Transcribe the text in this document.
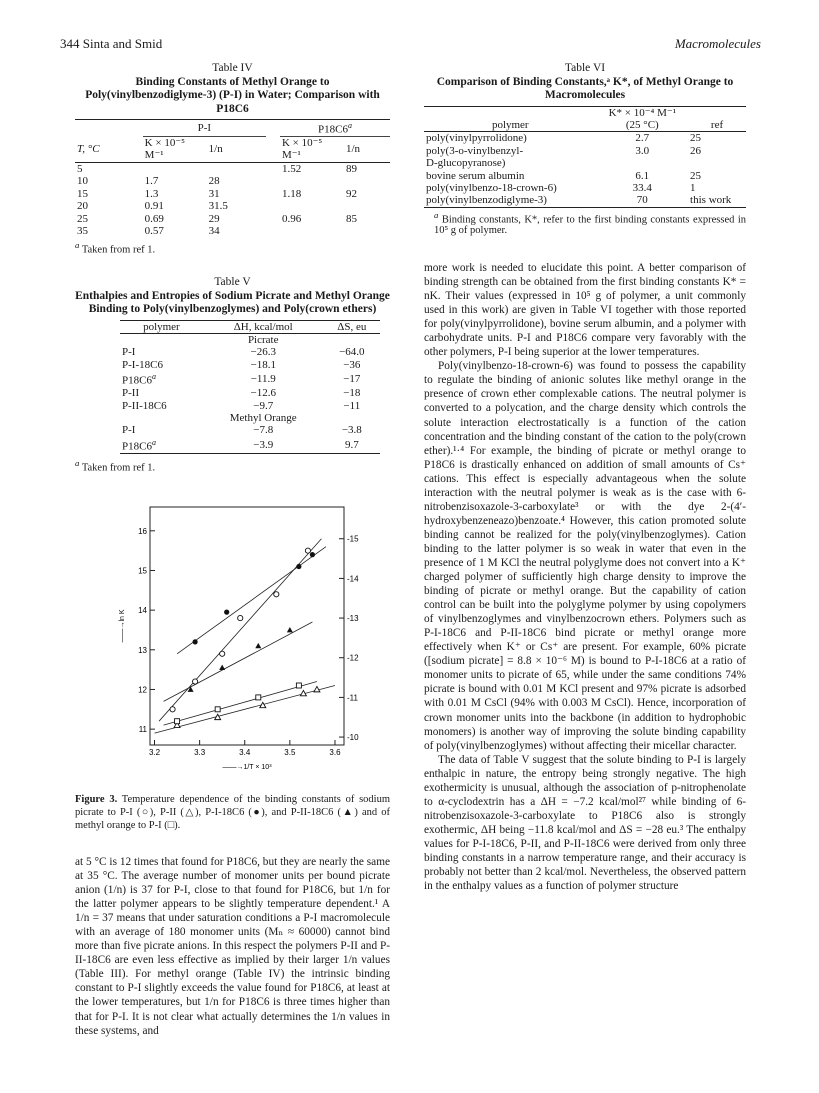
344 Sinta and Smid	Macromolecules
Table IV
Binding Constants of Methyl Orange to Poly(vinylbenzodiglyme-3) (P-I) in Water; Comparison with P18C6
	P-I			P18C6$^a$
T, °C	K × 10⁻⁵ M⁻¹	1/n		K × 10⁻⁵ M⁻¹	1/n
5				1.52	89
10	1.7	28			
15	1.3	31		1.18	92
20	0.91	31.5			
25	0.69	29		0.96	85
35	0.57	34			
$^a$ Taken from ref 1.
Table V
Enthalpies and Entropies of Sodium Picrate and Methyl Orange Binding to Poly(vinylbenzoglymes) and Poly(crown ethers)
polymer	ΔH, kcal/mol	ΔS, eu
	Picrate	
P-I	−26.3	−64.0
P-I-18C6	−18.1	−36
$P18C6^a$	−11.9	−17
P-II	−12.6	−18
P-II-18C6	−9.7	−11
	Methyl Orange	
P-I	−7.8	−3.8
$P18C6^a$	−3.9	9.7

$^a$ Taken from ref 1.
3.2	3.3	3.4	3.5	3.6
11
12
13
14
15
16
-10
-11
-12
-13
-14
-15
——→1/T × 10³
——→ln K
Figure 3. Temperature dependence of the binding constants of sodium picrate to P-I (○), P-II (△), P-I-18C6 (●), and P-II-18C6 (▲) and of methyl orange to P-I (□).

at 5 °C is 12 times that found for P18C6, but they are nearly the same at 35 °C. The average number of monomer units per bound picrate anion (1/n) is 37 for P-I, close to that found for P18C6, but 1/n for the latter polymer appears to be slightly temperature dependent.¹ A 1/n = 37 means that under saturation conditions a P-I macromolecule with an average of 180 monomer units (Mₙ ≈ 60000) cannot bind more than five picrate anions. In this respect the polymers P-II and P-II-18C6 are even less effective as implied by their larger 1/n values (Table III). For methyl orange (Table IV) the intrinsic binding constant to P-I slightly exceeds the value found for P18C6, at least at the lower temperatures, but 1/n for P18C6 is three times higher than that for P-I. It is not clear what actually determines the 1/n values in these systems, and

Table VI
Comparison of Binding Constants,ᵃ K*, of Methyl Orange to Macromolecules
	K* × 10⁻⁴ M⁻¹	
polymer	(25 °C)	ref
poly(vinylpyrrolidone)	2.7	25
poly(3-o-vinylbenzyl-	3.0	26
D-glucopyranose)		
bovine serum albumin	6.1	25
poly(vinylbenzo-18-crown-6)	33.4	1
poly(vinylbenzodiglyme-3)	70	this work

$^a$ Binding constants, K*, refer to the first binding constants expressed in 10⁵ g of polymer.

more work is needed to elucidate this point. A better comparison of binding strength can be obtained from the first binding constants K* = nK. Their values (expressed in 10⁵ g of polymer, a unit commonly used in this work) are given in Table VI together with those reported for poly(vinylpyrrolidone), bovine serum albumin, and a polymer with carbohydrate units. P-I and P18C6 compare very favorably with the other polymers, P-I being superior at the lower temperatures.

Poly(vinylbenzo-18-crown-6) was found to possess the capability to regulate the binding of anionic solutes like methyl orange in the presence of crown ether complexable cations. The neutral polymer is converted to a polycation, and the charge density which controls the solute interaction electrostatically is a function of the cation concentration and the binding constant of the cation to the poly(crown ether).¹·⁴ For example, the binding of picrate or methyl orange to P18C6 is drastically enhanced on addition of small amounts of Cs⁺ cations. This effect is especially advantageous when the solute interaction with the neutral polymer is weak as is the case with 6-nitrobenzisoxazole-3-carboxylate³ or with the dye 2-(4′-hydroxybenzeneazo)benzoate.⁴ However, this cation promoted solute binding cannot be realized for the poly(vinylbenzoglymes). Cation binding to the latter polymer is so weak in water that even in the presence of 1 M KCl the neutral polyglyme does not convert into a K⁺ charged polymer of sufficiently high charge density to improve the binding of picrate or methyl orange. But the capability of cation control can be built into the polyglyme polymer by using copolymers of vinylbenzoglymes and vinylbenzocrown ethers. Polymers such as P-I-18C6 and P-II-18C6 bind picrate or methyl orange more effectively when K⁺ or Cs⁺ are present. For example, 60% picrate ([sodium picrate] = 8.8 × 10⁻⁶ M) is bound to P-I-18C6 at a ratio of monomer units to picrate of 65, while under the same conditions 74% picrate is bound with 0.01 M KCl present and 97% picrate is adsorbed with 0.01 M CsCl (94% with 0.003 M CsCl). Hence, incorporation of crown monomer units into the backbone (in addition to hydrophobic monomers) is another way of improving the solute binding capability of poly(vinylbenzoglymes) without affecting their micellar character.

The data of Table V suggest that the solute binding to P-I is largely enthalpic in nature, the entropy being strongly negative. The high exothermicity is unusual, although the association of p-nitrophenolate to α-cyclodextrin has a ΔH = −7.2 kcal/mol²⁷ while binding of 6-nitrobenzisoxazole-3-carboxylate to P18C6 also is strongly exothermic, ΔH being −11.8 kcal/mol and ΔS = −28 eu.³ The enthalpy values for P-I-18C6, P-II, and P-II-18C6 were derived from only three binding constants in a narrow temperature range, and their accuracy is probably not better than 2 kcal/mol. Nevertheless, the observed pattern in the enthalpy values as a function of polymer structure
